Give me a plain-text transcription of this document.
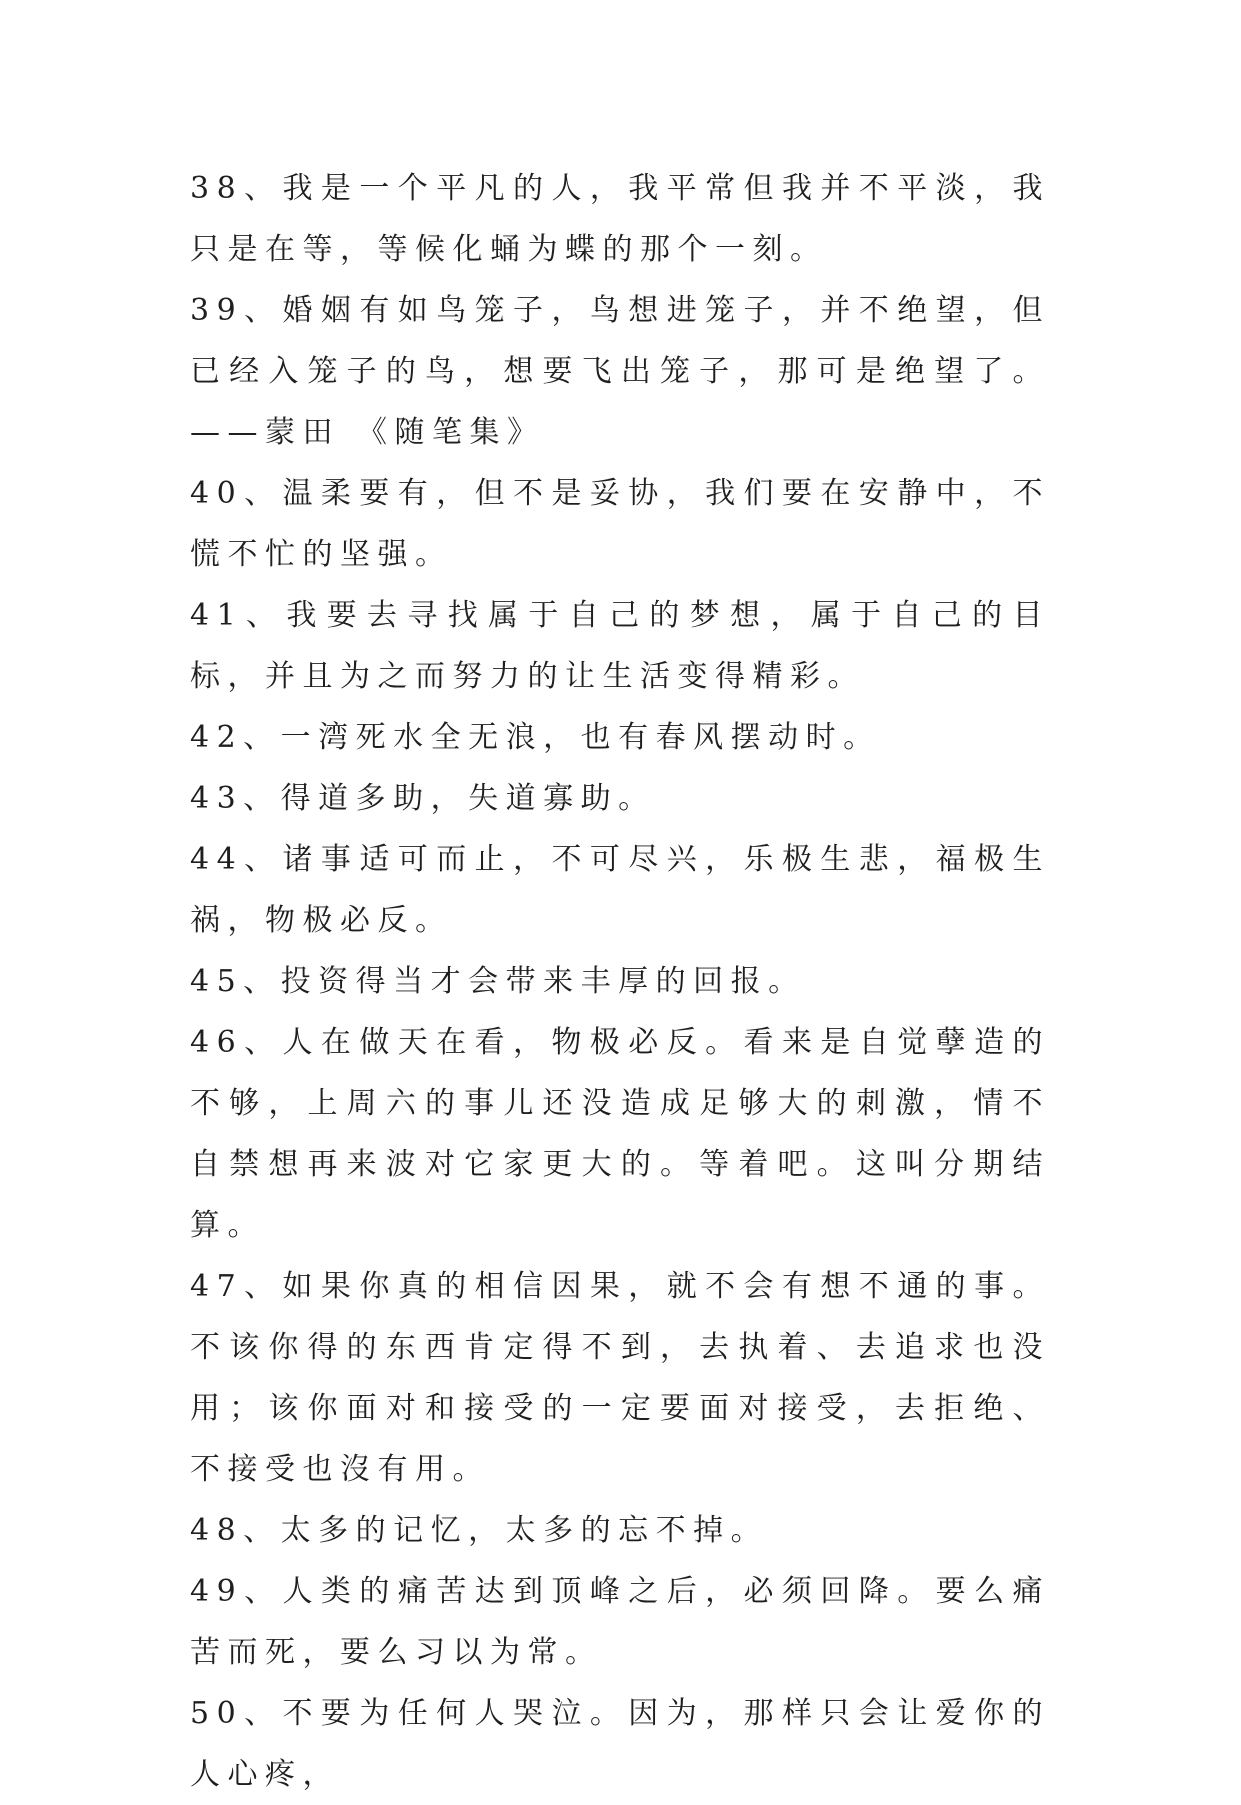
38、我是一个平凡的人，我平常但我并不平淡，我只是在等，等候化蛹为蝶的那个一刻。

39、婚姻有如鸟笼子，鸟想进笼子，并不绝望，但已经入笼子的鸟，想要飞出笼子，那可是绝望了。 ——蒙田 《随笔集》

40、温柔要有，但不是妥协，我们要在安静中，不慌不忙的坚强。

41、我要去寻找属于自己的梦想，属于自己的目标，并且为之而努力的让生活变得精彩。

42、一湾死水全无浪，也有春风摆动时。

43、得道多助，失道寡助。

44、诸事适可而止，不可尽兴，乐极生悲，福极生祸，物极必反。

45、投资得当才会带来丰厚的回报。

46、人在做天在看，物极必反。看来是自觉孽造的不够，上周六的事儿还没造成足够大的刺激，情不自禁想再来波对它家更大的。等着吧。这叫分期结算。

47、如果你真的相信因果，就不会有想不通的事。不该你得的东西肯定得不到，去执着、去追求也没用；该你面对和接受的一定要面对接受，去拒绝、不接受也沒有用。

48、太多的记忆，太多的忘不掉。

49、人类的痛苦达到顶峰之后，必须回降。要么痛苦而死，要么习以为常。

50、不要为任何人哭泣。因为，那样只会让爱你的人心疼，
